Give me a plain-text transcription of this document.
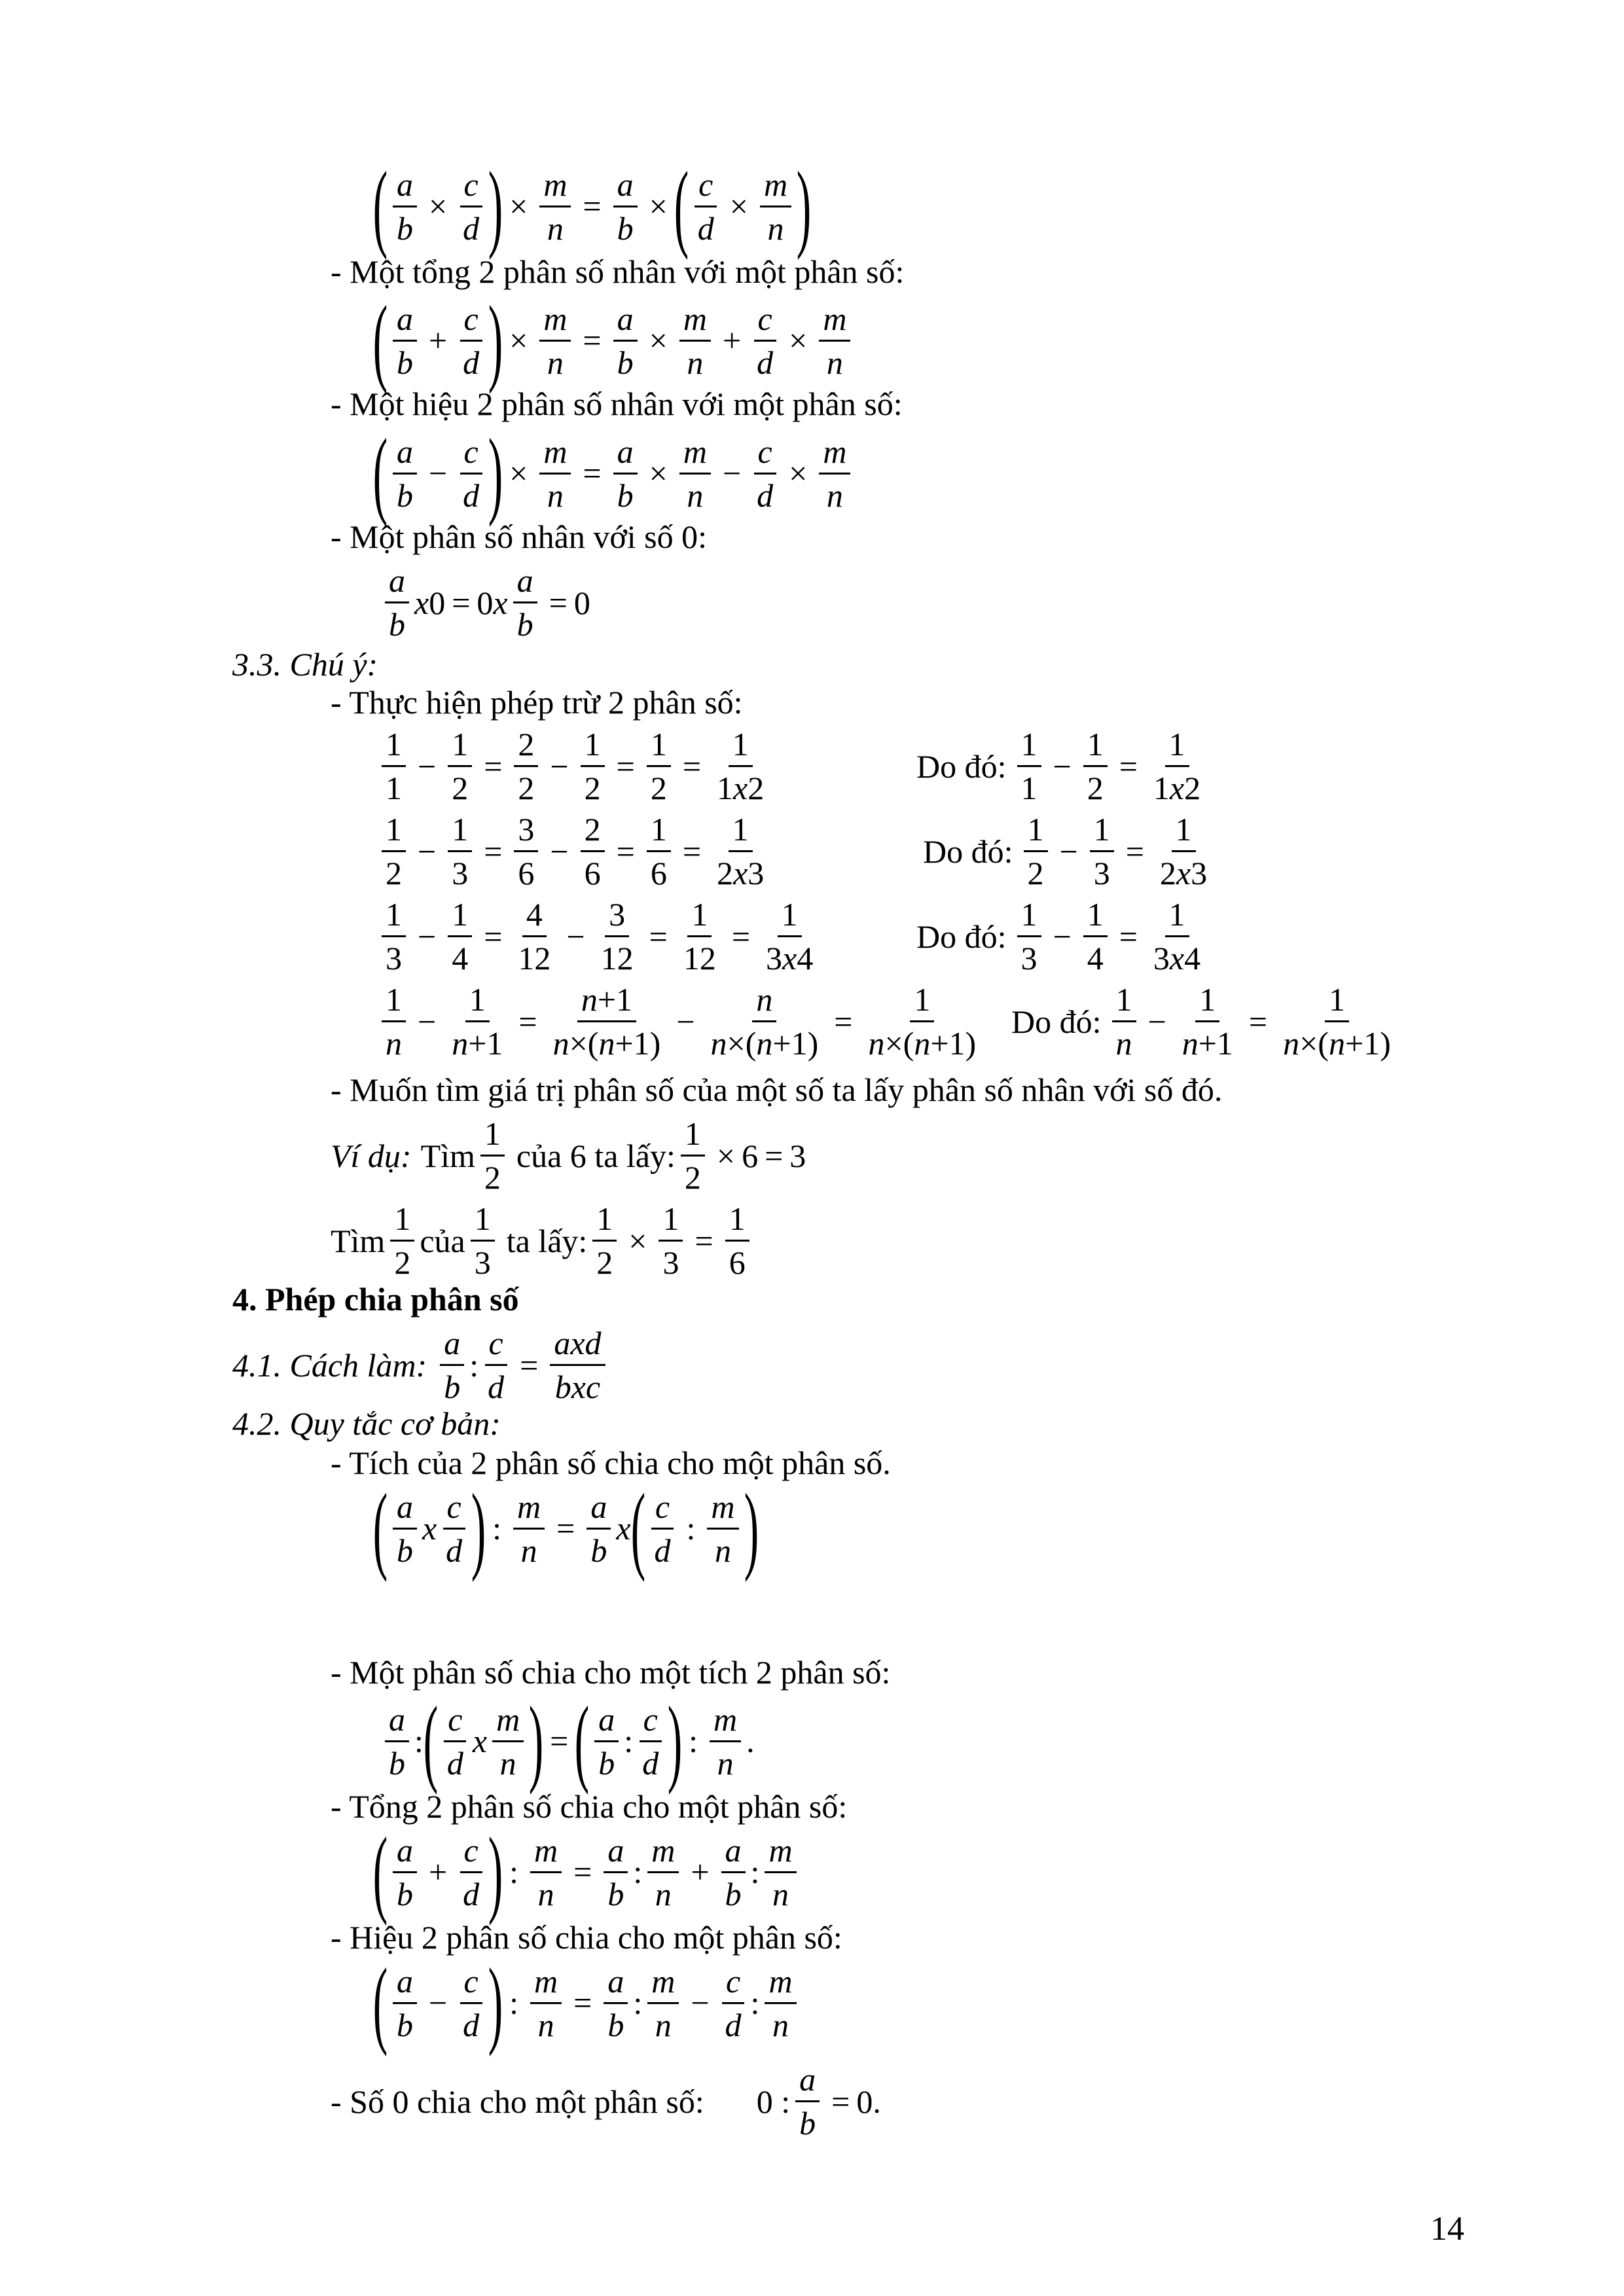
( $\frac{a}{b} \times \frac{c}{d}$ ) × $\frac{m}{n} = \frac{a}{b}$ × ( $\frac{c}{d} \times \frac{m}{n}$ )
- Một tổng 2 phân số nhân với một phân số:
( $\frac{a}{b} + \frac{c}{d}$ ) × $\frac{m}{n} = \frac{a}{b} \times \frac{m}{n} + \frac{c}{d} \times \frac{m}{n}$
- Một hiệu 2 phân số nhân với một phân số:
( $\frac{a}{b} - \frac{c}{d}$ ) × $\frac{m}{n} = \frac{a}{b} \times \frac{m}{n} - \frac{c}{d} \times \frac{m}{n}$
- Một phân số nhân với số 0:
$\frac{a}{b} x0 = 0x \frac{a}{b} = 0$
3.3. Chú ý:
- Thực hiện phép trừ 2 phân số:
$\frac{1}{1} - \frac{1}{2} = \frac{2}{2} - \frac{1}{2} = \frac{1}{2} = \frac{1}{1x2}$	Do đó: $\frac{1}{1} - \frac{1}{2} = \frac{1}{1x2}$
$\frac{1}{2} - \frac{1}{3} = \frac{3}{6} - \frac{2}{6} = \frac{1}{6} = \frac{1}{2x3}$	Do đó: $\frac{1}{2} - \frac{1}{3} = \frac{1}{2x3}$
$\frac{1}{3} - \frac{1}{4} = \frac{4}{12} - \frac{3}{12} = \frac{1}{12} = \frac{1}{3x4}$	Do đó: $\frac{1}{3} - \frac{1}{4} = \frac{1}{3x4}$
$\frac{1}{n} - \frac{1}{n+1} = \frac{n+1}{n\times(n+1)} - \frac{n}{n\times(n+1)} = \frac{1}{n\times(n+1)}$ Do đó: $\frac{1}{n} - \frac{1}{n+1} = \frac{1}{n\times(n+1)}$
- Muốn tìm giá trị phân số của một số ta lấy phân số nhân với số đó.
Ví dụ: Tìm $\frac{1}{2}$ của 6 ta lấy: $\frac{1}{2} \times 6 = 3$
Tìm $\frac{1}{2}$ của $\frac{1}{3}$ ta lấy: $\frac{1}{2} \times \frac{1}{3} = \frac{1}{6}$
4. Phép chia phân số
4.1. Cách làm: $\frac{a}{b}$ : $\frac{c}{d} = \frac{\text{axd}}{\text{bxc}}$
4.2. Quy tắc cơ bản:
- Tích của 2 phân số chia cho một phân số.
( $\frac{a}{b}$ x $\frac{c}{d}$ ) : $\frac{m}{n} = \frac{a}{b}$ x ( $\frac{c}{d}$ : $\frac{m}{n}$ )
- Một phân số chia cho một tích 2 phân số:
$\frac{a}{b}$ : ( $\frac{c}{d}$ x $\frac{m}{n}$ ) = ( $\frac{a}{b}$ : $\frac{c}{d}$ ) : $\frac{m}{n}$ .
- Tổng 2 phân số chia cho một phân số:
( $\frac{a}{b} + \frac{c}{d}$ ) : $\frac{m}{n} = \frac{a}{b}$ : $\frac{m}{n} + \frac{a}{b}$ : $\frac{m}{n}$
- Hiệu 2 phân số chia cho một phân số:
( $\frac{a}{b} - \frac{c}{d}$ ) : $\frac{m}{n} = \frac{a}{b}$ : $\frac{m}{n} - \frac{c}{d}$ : $\frac{m}{n}$
- Số 0 chia cho một phân số: 0 : $\frac{a}{b} = 0$.
14
